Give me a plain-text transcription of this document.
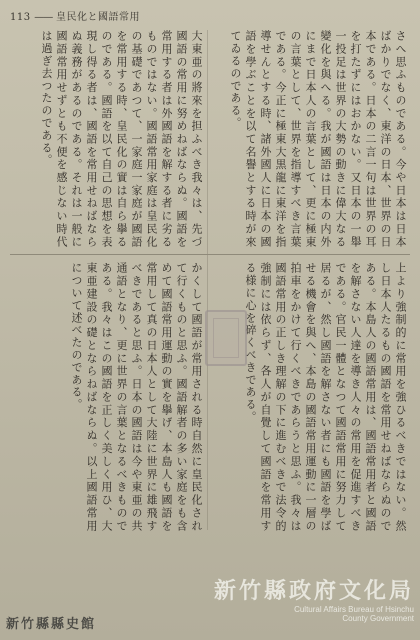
113 —— 皇民化と國語常用
さへ思ふものである。今や日本は日本ばかりでなく、東洋の日本、世界の日本である。日本の二言一句は世界の耳を打たずにはおかない。又日本の一舉一投足は世界の大勢の動きに偉大なる變化を與へる。我が國語は日本の内外にまで日本人の言葉として、更に極東の言葉として、世界を指導すべき言葉である。今正に極東大黒龍に東洋を指導せんとする時、諸外國人に日本の國語を學ぶことを以て名譽とする時が來てゐるのである。
大東亜の將來を担ふべき我々は、先づ國語の常用に努めねばならぬ。國語を常用する者は外國語を解する者に劣るものではない。國語常用家庭は皇民化の基礎であつて、一家庭一家庭が國語を常用する時、皇民化の實は自ら擧るのである。國語を以て自己の思想を表現し得る者は、國語を常用せねばならぬ義務があるのである。それは一般に國語常用せずとも不便を感じない時代は過ぎ去つたのである。
上より強制的に常用を強ひるべきではない。然し日本人たるもの國語を常用せねばならぬのである。本島人の國語常用は、國語常用者と國語を解さない人達を導き人々の常用を促進すべきである。官民一體となつて國語常用に努力して居るが、然し國語を解さない者にも國語を學ばせる機會を與へ、本島の國語常用運動に一層の拍車をかけて行くべきであらうと思ふ。我々は國語常用の正しき理解の下に進むべきで法令的強制には依らず、各人が自覺して國語を常用する様に心を碎くべきである。
かくして國語が常用される時自然に皇民化されて行くものと思ふ。國語解者の多い家庭をも含めて國語常用運動の實を擧げ、本島人も國語を常用して真の日本人として大陸に世界に雄飛すべきであると思ふ。日本の國語は今や東亜の共通語となり、更に世界の言葉となるべきものである。我々はこの國語を正しく美しく用ひ、大東亜建設の礎とならねばならぬ。以上國語常用について述べたのである。
新竹縣政府文化局
Cultural Affairs Bureau of Hsinchu
County Government
新竹縣縣史館
